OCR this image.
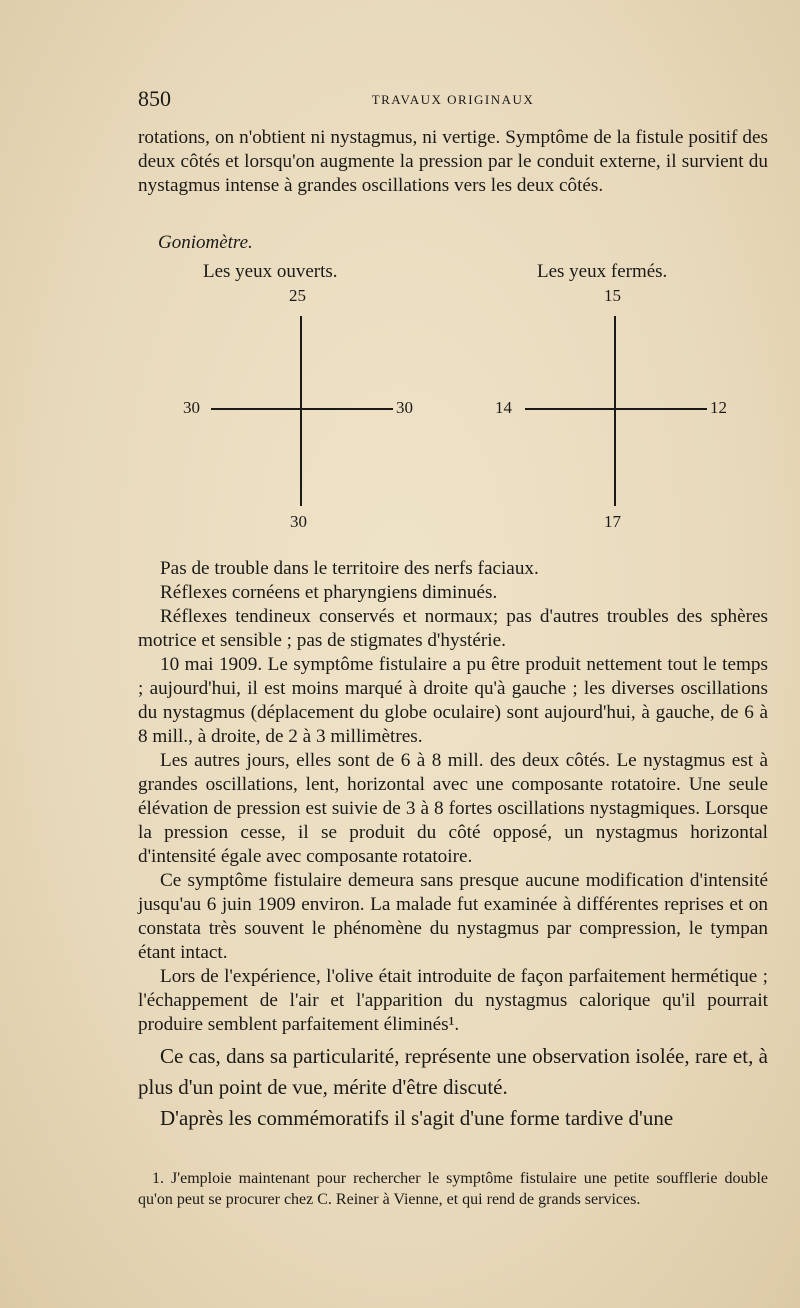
850	TRAVAUX ORIGINAUX

rotations, on n'obtient ni nystagmus, ni vertige. Symptôme de la fistule positif des deux côtés et lorsqu'on augmente la pression par le conduit externe, il survient du nystagmus intense à grandes oscillations vers les deux côtés.

Goniomètre.
Les yeux ouverts.
25
30	30
30
Les yeux fermés.
15
14	12
17

Pas de trouble dans le territoire des nerfs faciaux.

Réflexes cornéens et pharyngiens diminués.

Réflexes tendineux conservés et normaux; pas d'autres troubles des sphères motrice et sensible ; pas de stigmates d'hystérie.

10 mai 1909. Le symptôme fistulaire a pu être produit nettement tout le temps ; aujourd'hui, il est moins marqué à droite qu'à gauche ; les diverses oscillations du nystagmus (déplacement du globe oculaire) sont aujourd'hui, à gauche, de 6 à 8 mill., à droite, de 2 à 3 millimètres.

Les autres jours, elles sont de 6 à 8 mill. des deux côtés. Le nystagmus est à grandes oscillations, lent, horizontal avec une composante rotatoire. Une seule élévation de pression est suivie de 3 à 8 fortes oscillations nystagmiques. Lorsque la pression cesse, il se produit du côté opposé, un nystagmus horizontal d'intensité égale avec composante rotatoire.

Ce symptôme fistulaire demeura sans presque aucune modification d'intensité jusqu'au 6 juin 1909 environ. La malade fut examinée à différentes reprises et on constata très souvent le phénomène du nystagmus par compression, le tympan étant intact.

Lors de l'expérience, l'olive était introduite de façon parfaitement hermétique ; l'échappement de l'air et l'apparition du nystagmus calorique qu'il pourrait produire semblent parfaitement éliminés¹.

Ce cas, dans sa particularité, représente une observation isolée, rare et, à plus d'un point de vue, mérite d'être discuté.

D'après les commémoratifs il s'agit d'une forme tardive d'une

1. J'emploie maintenant pour rechercher le symptôme fistulaire une petite soufflerie double qu'on peut se procurer chez C. Reiner à Vienne, et qui rend de grands services.
